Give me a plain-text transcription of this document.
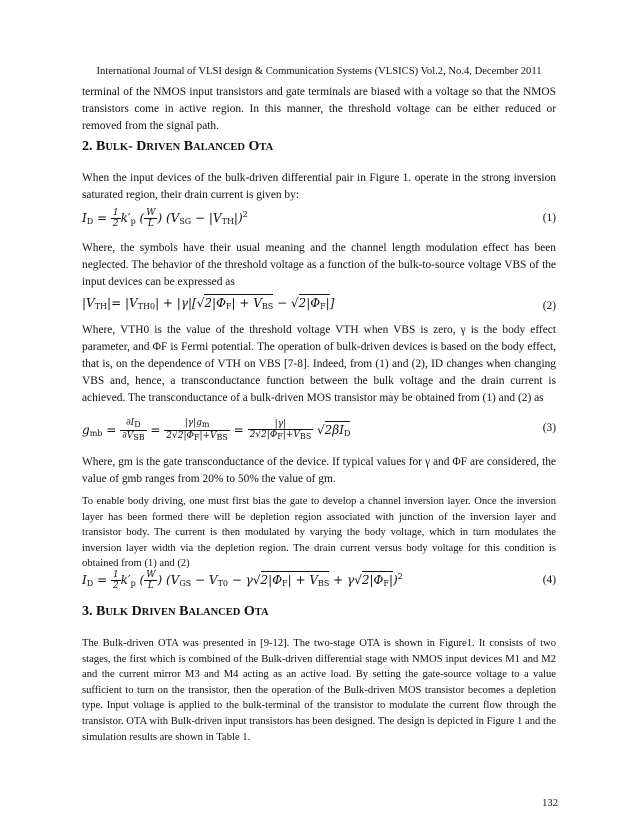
International Journal of VLSI design & Communication Systems (VLSICS) Vol.2, No.4, December 2011

terminal of the NMOS input transistors and gate terminals are biased with a voltage so that the NMOS transistors come in active region. In this manner, the threshold voltage can be either reduced or removed from the signal path.

2. BULK- DRIVEN BALANCED OTA

When the input devices of the bulk-driven differential pair in Figure 1. operate in the strong inversion saturated region, their drain current is given by:

$I_D = \frac{1}{2} k'_p$ ( $\frac{W}{L}$ ) $(V_{SG} - |V_{TH}|)^2$	(1)

Where, the symbols have their usual meaning and the channel length modulation effect has been neglected. The behavior of the threshold voltage as a function of the bulk-to-source voltage VBS of the input devices can be expressed as

$|V_{TH}|= |V_{TH0}| + |\gamma|[√2|\Phi_F| + V_{BS} - √2|\Phi_F|]$	(2)

Where, VTH0 is the value of the threshold voltage VTH when VBS is zero, γ is the body effect parameter, and ΦF is Fermi potential. The operation of bulk-driven devices is based on the body effect, that is, on the dependence of VTH on VBS [7-8]. Indeed, from (1) and (2), ID changes when changing VBS and, hence, a transconductance function between the bulk voltage and the drain current is achieved. The transconductance of a bulk-driven MOS transistor may be obtained from (1) and (2) as

$g_{mb} = \frac{\partial ID}{\text{∂VSB}} = \frac{|\gamma|gm}{\text{2√2|ΦF|+VBS}} = \frac{|\gamma|}{\text{2√2|ΦF|+VBS}} √2\beta I_D$	(3)

Where, gm is the gate transconductance of the device. If typical values for γ and ΦF are considered, the value of gmb ranges from 20% to 50% the value of gm.

To enable body driving, one must first bias the gate to develop a channel inversion layer. Once the inversion layer has been formed there will be depletion region associated with junction of the inversion layer and transistor body. The current is then modulated by varying the body voltage, which in turn modulates the inversion layer width via the depletion region. The drain current versus body voltage for this condition is obtained from (1) and (2)

$I_D = \frac{1}{2} k'_p$ ( $\frac{W}{L}$ ) $(V_{GS} - V_{T0} - \gamma√2|\Phi_F| + V_{BS} + \gamma√2|\Phi_F|)^2$	(4)
3. BULK DRIVEN BALANCED OTA

The Bulk-driven OTA was presented in [9-12]. The two-stage OTA is shown in Figure1. It consists of two stages, the first which is combined of the Bulk-driven differential stage with NMOS input devices M1 and M2 and the current mirror M3 and M4 acting as an active load. By setting the gate-source voltage to a value sufficient to turn on the transistor, then the operation of the Bulk-driven MOS transistor becomes a depletion type. Input voltage is applied to the bulk-terminal of the transistor to modulate the current flow through the transistor. OTA with Bulk-driven input transistors has been designed. The design is depicted in Figure 1 and the simulation results are shown in Table 1.

132
